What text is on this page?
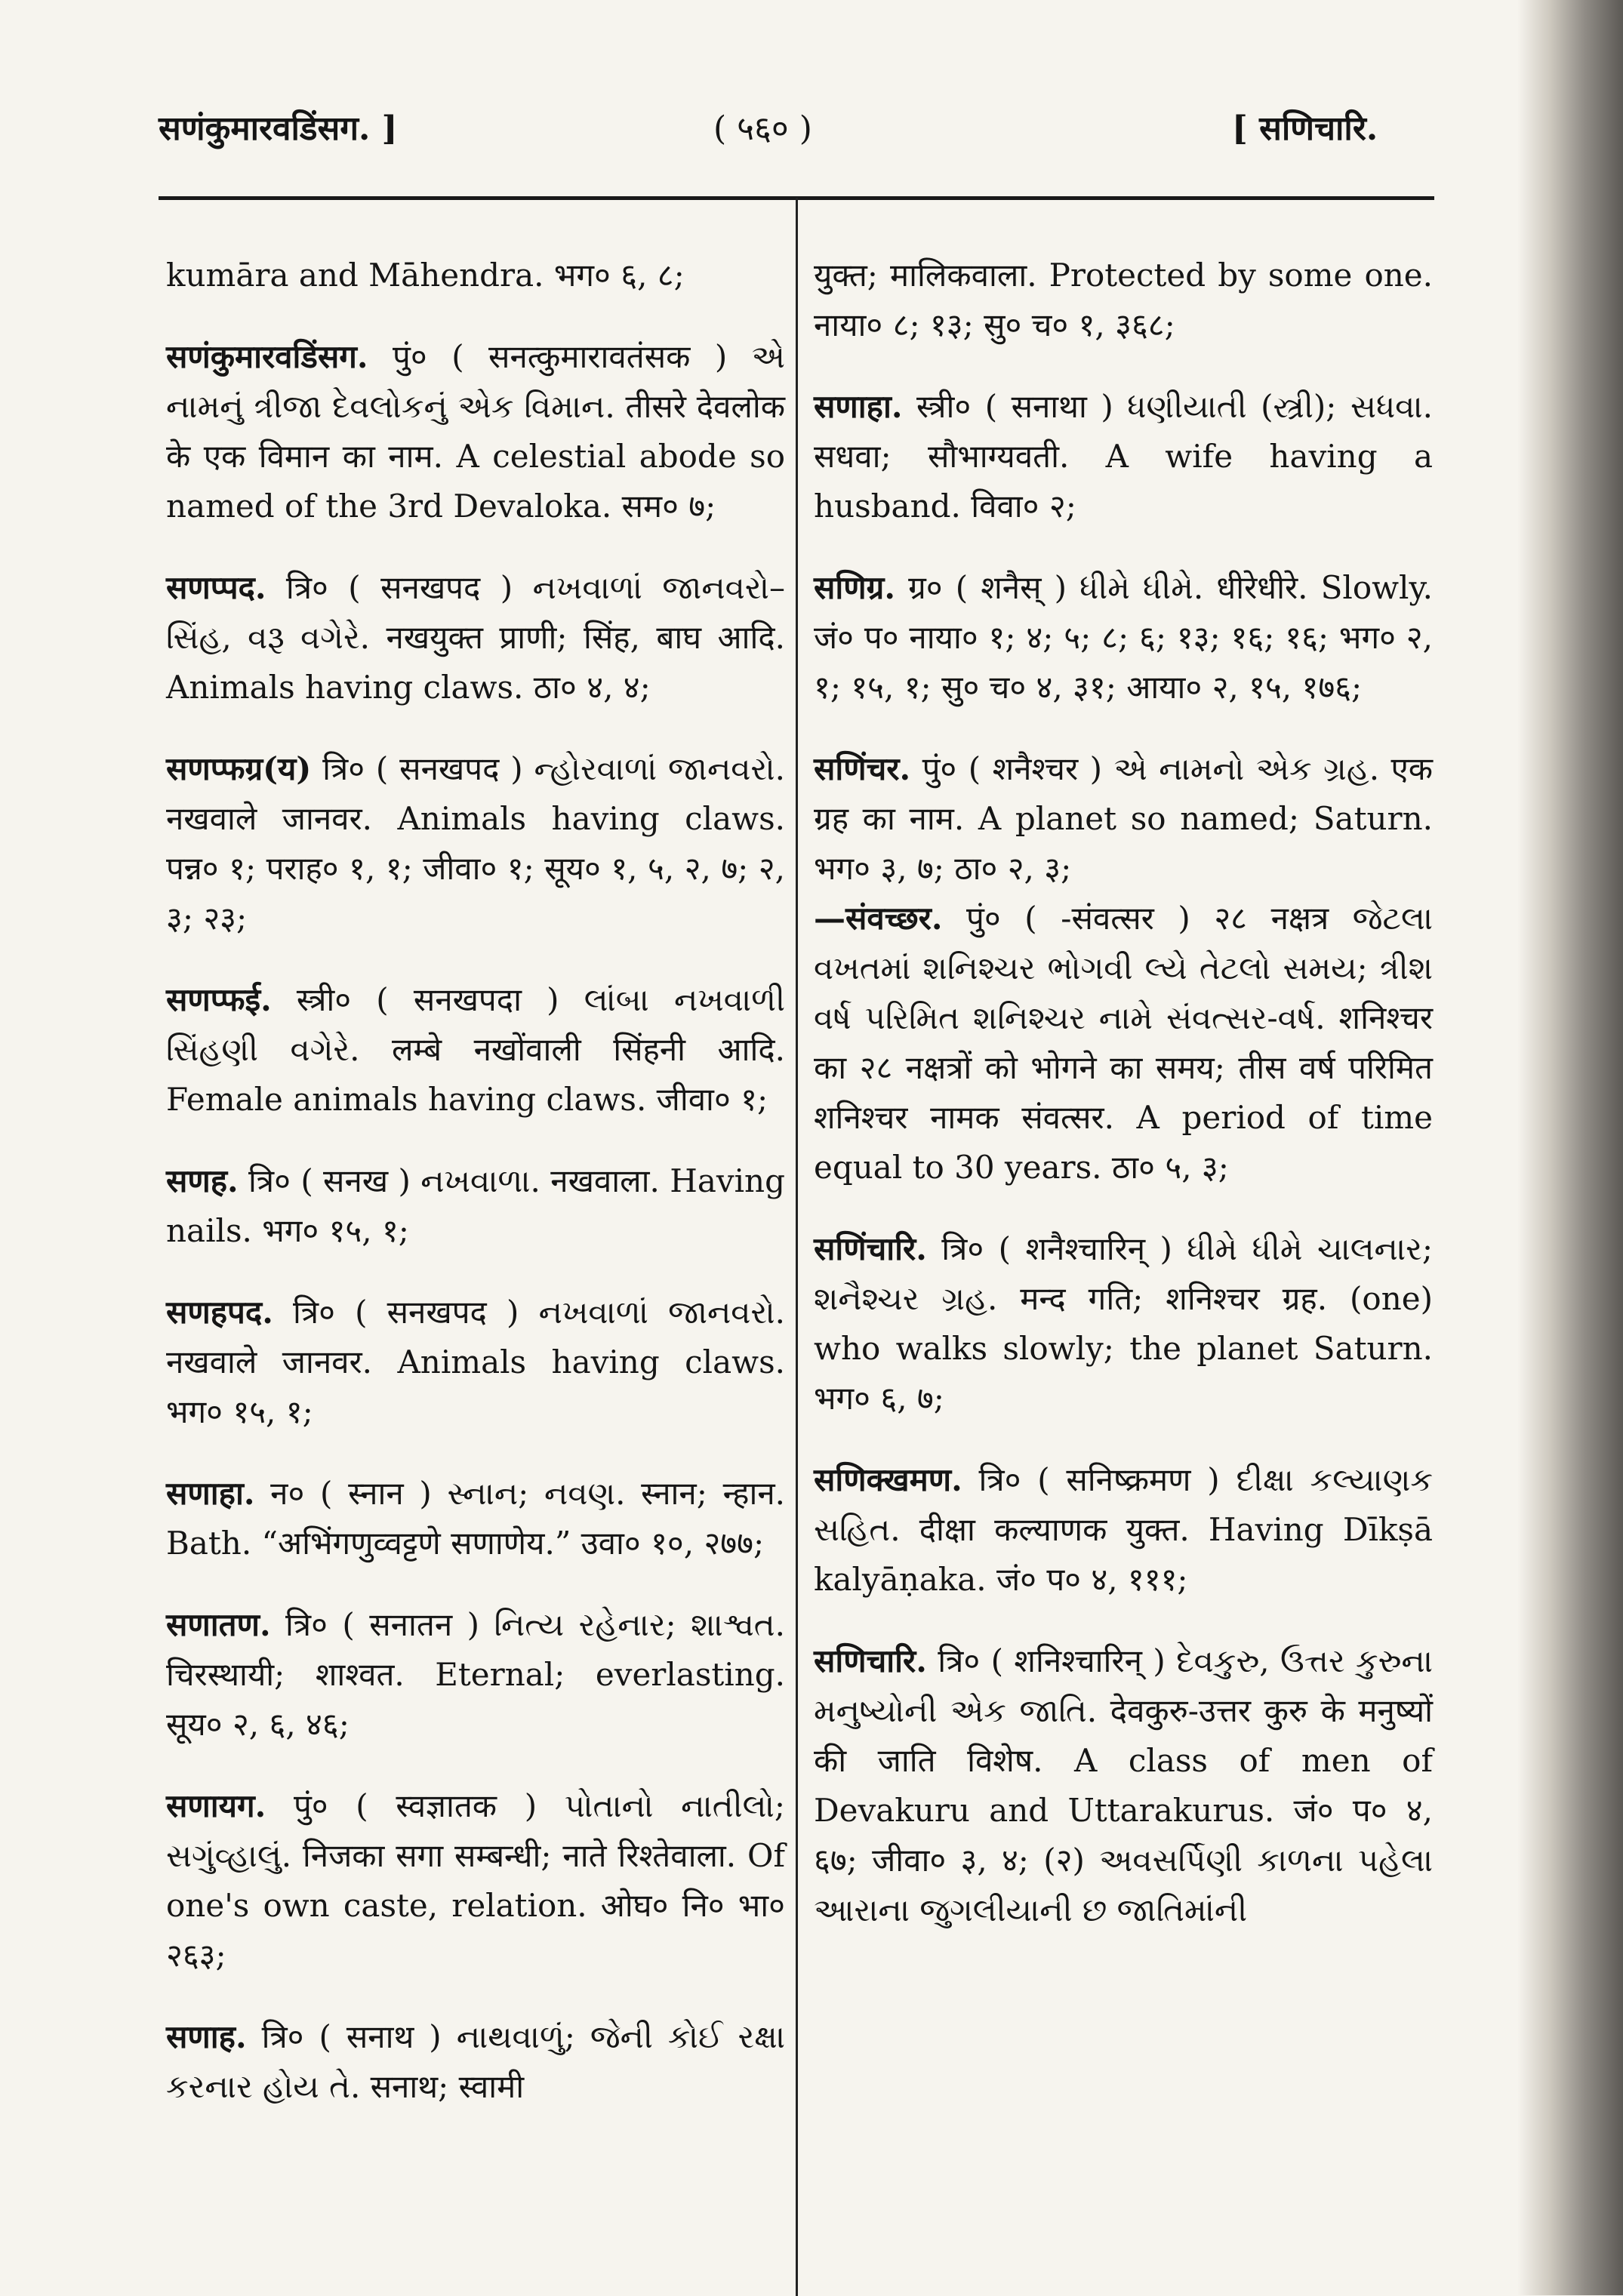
सणंकुमारवडिंसग. ]	( ५६० )	[ सणिचारि.

kumāra and Māhendra. भग० ६, ८;

सणंकुमारवडिंसग. पुं० ( सनत्कुमारावतंसक ) એ નામનું ત્રીજા દેવલોકનું એક વિમાન. तीसरे देवलोक के एक विमान का नाम. A celestial abode so named of the 3rd Devaloka. सम० ७;

सणप्पद. त्रि० ( सनखपद ) નખવાળાં જાનવરો–સિંહ, વરૂ વગેરે. नखयुक्त प्राणी; सिंह, बाघ आदि. Animals having claws. ठा० ४, ४;

सणप्फग्र(य) त्रि० ( सनखपद ) ન્હોરવાળાં જાનવરો. नखवाले जानवर. Animals having claws. पन्न० १; पराह० १, १; जीवा० १; सूय० १, ५, २, ७; २, ३; २३;

सणप्फई. स्त्री० ( सनखपदा ) લાંબા નખવાળી સિંહણી વગેરે. लम्बे नखोंवाली सिंहनी आदि. Female animals having claws. जीवा० १;

सणह. त्रि० ( सनख ) નખવાળા. नखवाला. Having nails. भग० १५, १;

सणहपद. त्रि० ( सनखपद ) નખવાળાં જાનવરો. नखवाले जानवर. Animals having claws. भग० १५, १;

सणाहा. न० ( स्नान ) સ્નાન; નવણ. स्नान; न्हान. Bath. “अभिंगणुव्वट्टणे सणाणेय.” उवा० १०, २७७;

सणातण. त्रि० ( सनातन ) નિત્ય રહેનાર; શાશ્વત. चिरस्थायी; शाश्वत. Eternal; everlasting. सूय० २, ६, ४६;

सणायग. पुं० ( स्वज्ञातक ) પોતાનો નાતીલો; સગુંવ્હાલું. निजका सगा सम्बन्धी; नाते रिश्तेवाला. Of one's own caste, relation. ओघ० नि० भा० २६३;

सणाह. त्रि० ( सनाथ ) નાથવાળું; જેની કોઈ રક્ષા કરનાર હોય તે. सनाथ; स्वामी

युक्त; मालिकवाला. Protected by some one. नाया० ८; १३; सु० च० १, ३६८;

सणाहा. स्त्री० ( सनाथा ) ધણીયાતી (સ્ત્રી); સધવા. सधवा; सौभाग्यवती. A wife having a husband. विवा० २;

सणिग्र. ग्र० ( शनैस् ) ધીમે ધીમે. धीरेधीरे. Slowly. जं० प० नाया० १; ४; ५; ८; ६; १३; १६; १६; भग० २, १; १५, १; सु० च० ४, ३१; आया० २, १५, १७६;

सणिंचर. पुं० ( शनैश्चर ) એ નામનો એક ગ્રહ. एक ग्रह का नाम. A planet so named; Saturn. भग० ३, ७; ठा० २, ३;
—संवच्छर. पुं० ( -संवत्सर ) २८ नक्षत्र જેટલા વખતમાં શનિશ્ચર ભોગવી લ્યે તેટલો સમય; ત્રીશ વર્ષ પરિમિત શનિશ્ચર નામે સંવત્સર-વર્ષ. शनिश्चर का २८ नक्षत्रों को भोगने का समय; तीस वर्ष परिमित शनिश्चर नामक संवत्सर. A period of time equal to 30 years. ठा० ५, ३;

सणिंचारि. त्रि० ( शनैश्चारिन् ) ધીમે ધીમે ચાલનાર; શનૈશ્ચર ગ્રહ. मन्द गति; शनिश्चर ग्रह. (one) who walks slowly; the planet Saturn. भग० ६, ७;

सणिक्खमण. त्रि० ( सनिष्क्रमण ) દીક્ષા કલ્યાણક સહિત. दीक्षा कल्याणक युक्त. Having Dīkṣā kalyāṇaka. जं० प० ४, १११;

सणिचारि. त्रि० ( शनिश्चारिन् ) દેવકુરુ, ઉત્તર કુરુના મનુષ્યોની એક જાતિ. देवकुरु-उत्तर कुरु के मनुष्यों की जाति विशेष. A class of men of Devakuru and Uttarakurus. जं० प० ४, ६७; जीवा० ३, ४; (२) અવસર્પિણી કાળના પહેલા આરાના જુગલીયાની છ જાતિમાંની
